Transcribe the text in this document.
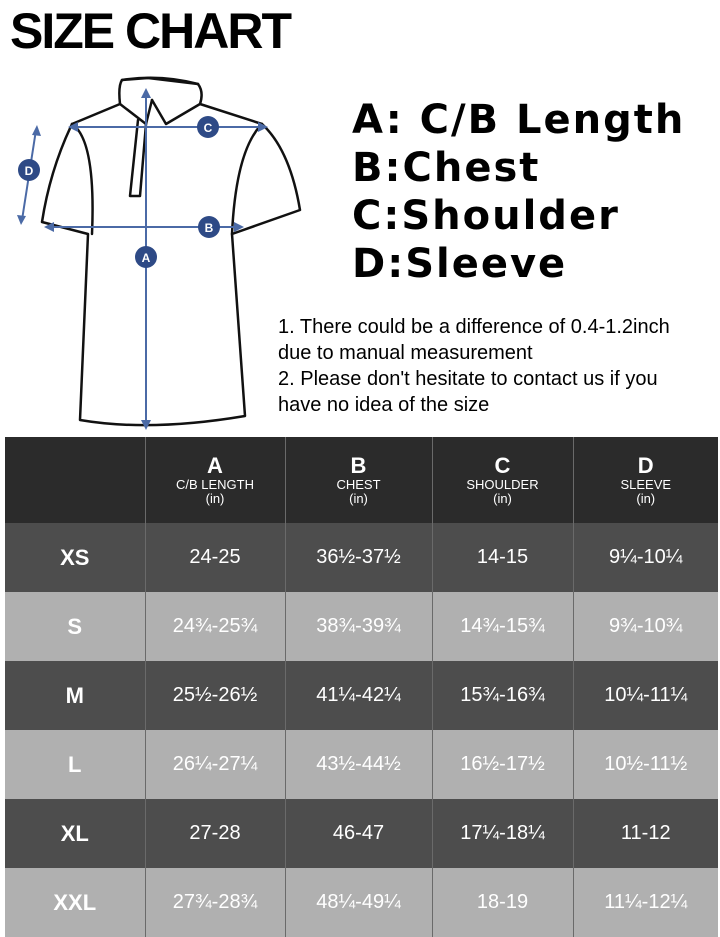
SIZE CHART
C
B
A
D
A: C/B Length
B:Chest
C:Shoulder
D:Sleeve
1. There could be a difference of 0.4-1.2inch
due to manual measurement
2. Please don't hesitate to contact us if you
have no idea of the size

	A
C/B LENGTH
(in)	B
CHEST
(in)	C
SHOULDER
(in)	D
SLEEVE
(in)

XS	24-25	36½-37½	14-15	9¼-10¼
S	24¾-25¾	38¾-39¾	14¾-15¾	9¾-10¾
M	25½-26½	41¼-42¼	15¾-16¾	10¼-11¼
L	26¼-27¼	43½-44½	16½-17½	10½-11½
XL	27-28	46-47	17¼-18¼	11-12
XXL	27¾-28¾	48¼-49¼	18-19	11¼-12¼
